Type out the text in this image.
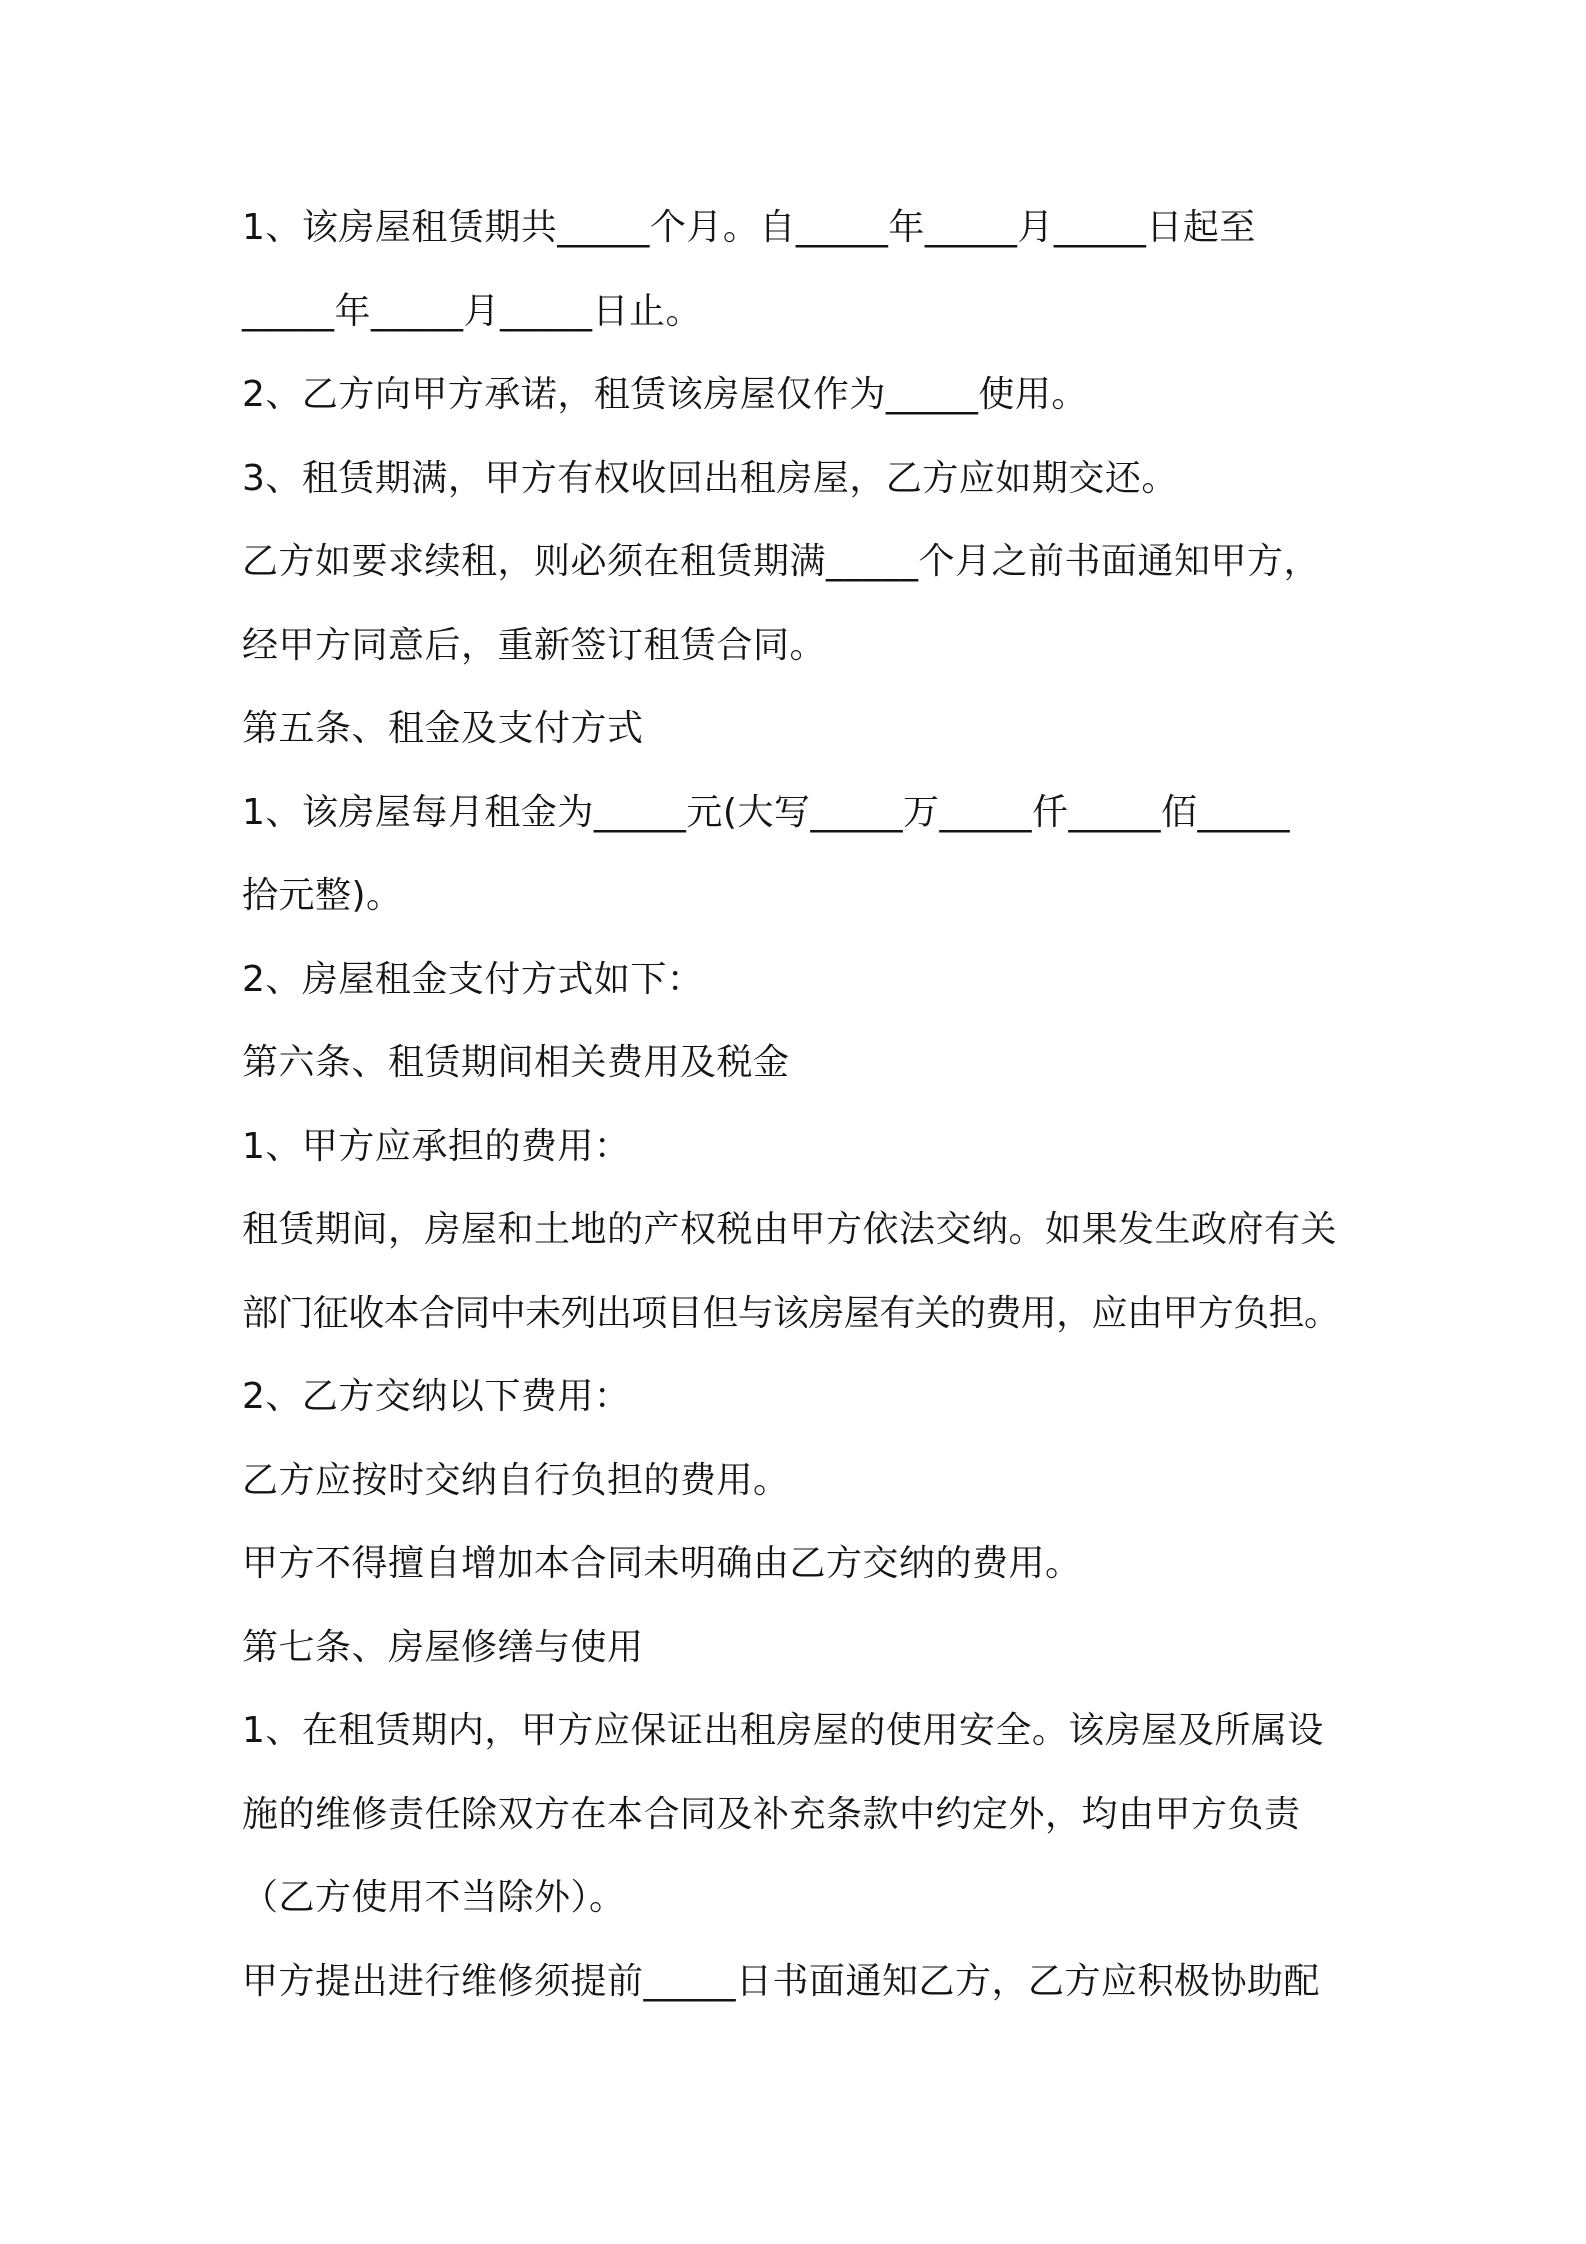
1、该房屋租赁期共_____个月。自_____年_____月_____日起至
_____年_____月_____日止。
2、乙方向甲方承诺，租赁该房屋仅作为_____使用。
3、租赁期满，甲方有权收回出租房屋，乙方应如期交还。
乙方如要求续租，则必须在租赁期满_____个月之前书面通知甲方，
经甲方同意后，重新签订租赁合同。
第五条、租金及支付方式
1、该房屋每月租金为_____元(大写_____万_____仟_____佰_____
拾元整)。
2、房屋租金支付方式如下：
第六条、租赁期间相关费用及税金
1、甲方应承担的费用：
租赁期间，房屋和土地的产权税由甲方依法交纳。如果发生政府有关
部门征收本合同中未列出项目但与该房屋有关的费用，应由甲方负担。
2、乙方交纳以下费用：
乙方应按时交纳自行负担的费用。
甲方不得擅自增加本合同未明确由乙方交纳的费用。
第七条、房屋修缮与使用
1、在租赁期内，甲方应保证出租房屋的使用安全。该房屋及所属设
施的维修责任除双方在本合同及补充条款中约定外，均由甲方负责
（乙方使用不当除外）。
甲方提出进行维修须提前_____日书面通知乙方，乙方应积极协助配
